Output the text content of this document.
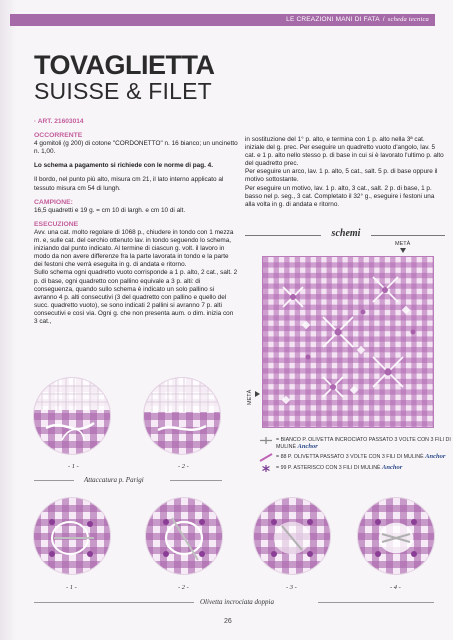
LE CREAZIONI MANI DI FATA / scheda tecnica
TOVAGLIETTA
SUISSE & FILET

· ART. 21603014

OCCORRENTE

4 gomitoli (g 200) di cotone "CORDONETTO" n. 16 bianco; un uncinetto n. 1,00.

Lo schema a pagamento si richiede con le norme di pag. 4.

Il bordo, nel punto più alto, misura cm 21, il lato interno applicato al tessuto misura cm 54 di lungh.

CAMPIONE:

16,5 quadretti e 19 g. = cm 10 di largh. e cm 10 di alt.

ESECUZIONE

Avv. una cat. molto regolare di 1068 p., chiudere in tondo con 1 mezza m. e, sulle cat. del cerchio ottenuto lav. in tondo seguendo lo schema, iniziando dal punto indicato. Al termine di ciascun g. volt. il lavoro in modo da non avere differenze fra la parte lavorata in tondo e la parte dei festoni che verrà eseguita in g. di andata e ritorno.

Sullo schema ogni quadretto vuoto corrisponde a 1 p. alto, 2 cat., salt. 2 p. di base, ogni quadretto con pallino equivale a 3 p. alti: di conseguenza, quando sullo schema è indicato un solo pallino si avranno 4 p. alti consecutivi (3 del quadretto con pallino e quello del succ. quadretto vuoto), se sono indicati 2 pallini si avranno 7 p. alti consecutivi e così via. Ogni g. che non presenta aum. o dim. inizia con 3 cat.,

in sostituzione del 1° p. alto, e termina con 1 p. alto nella 3ª cat. iniziale del g. prec. Per eseguire un quadretto vuoto d'angolo, lav. 5 cat. e 1 p. alto nello stesso p. di base in cui si è lavorato l'ultimo p. alto del quadretto prec.

Per eseguire un arco, lav. 1 p. alto, 5 cat., salt. 5 p. di base oppure il motivo sottostante.

Per eseguire un motivo, lav. 1 p. alto, 3 cat., salt. 2 p. di base, 1 p. basso nel p. seg., 3 cat. Completato il 32° g., eseguire i festoni una alla volta in g. di andata e ritorno.

schemi
METÀ
METÀ
= BIANCO P. OLIVETTA INCROCIATO PASSATO 3 VOLTE CON 3 FILI DI MULINÈ Anchor
= 88 P. OLIVETTA PASSATO 3 VOLTE CON 3 FILI DI MULINÈ Anchor
= 99 P. ASTERISCO CON 3 FILI DI MULINÈ Anchor
- 1 -	- 2 -
Attaccatura p. Parigi
- 1 -	- 2 -	- 3 -	- 4 -
Olivetta incrociata doppia
26
